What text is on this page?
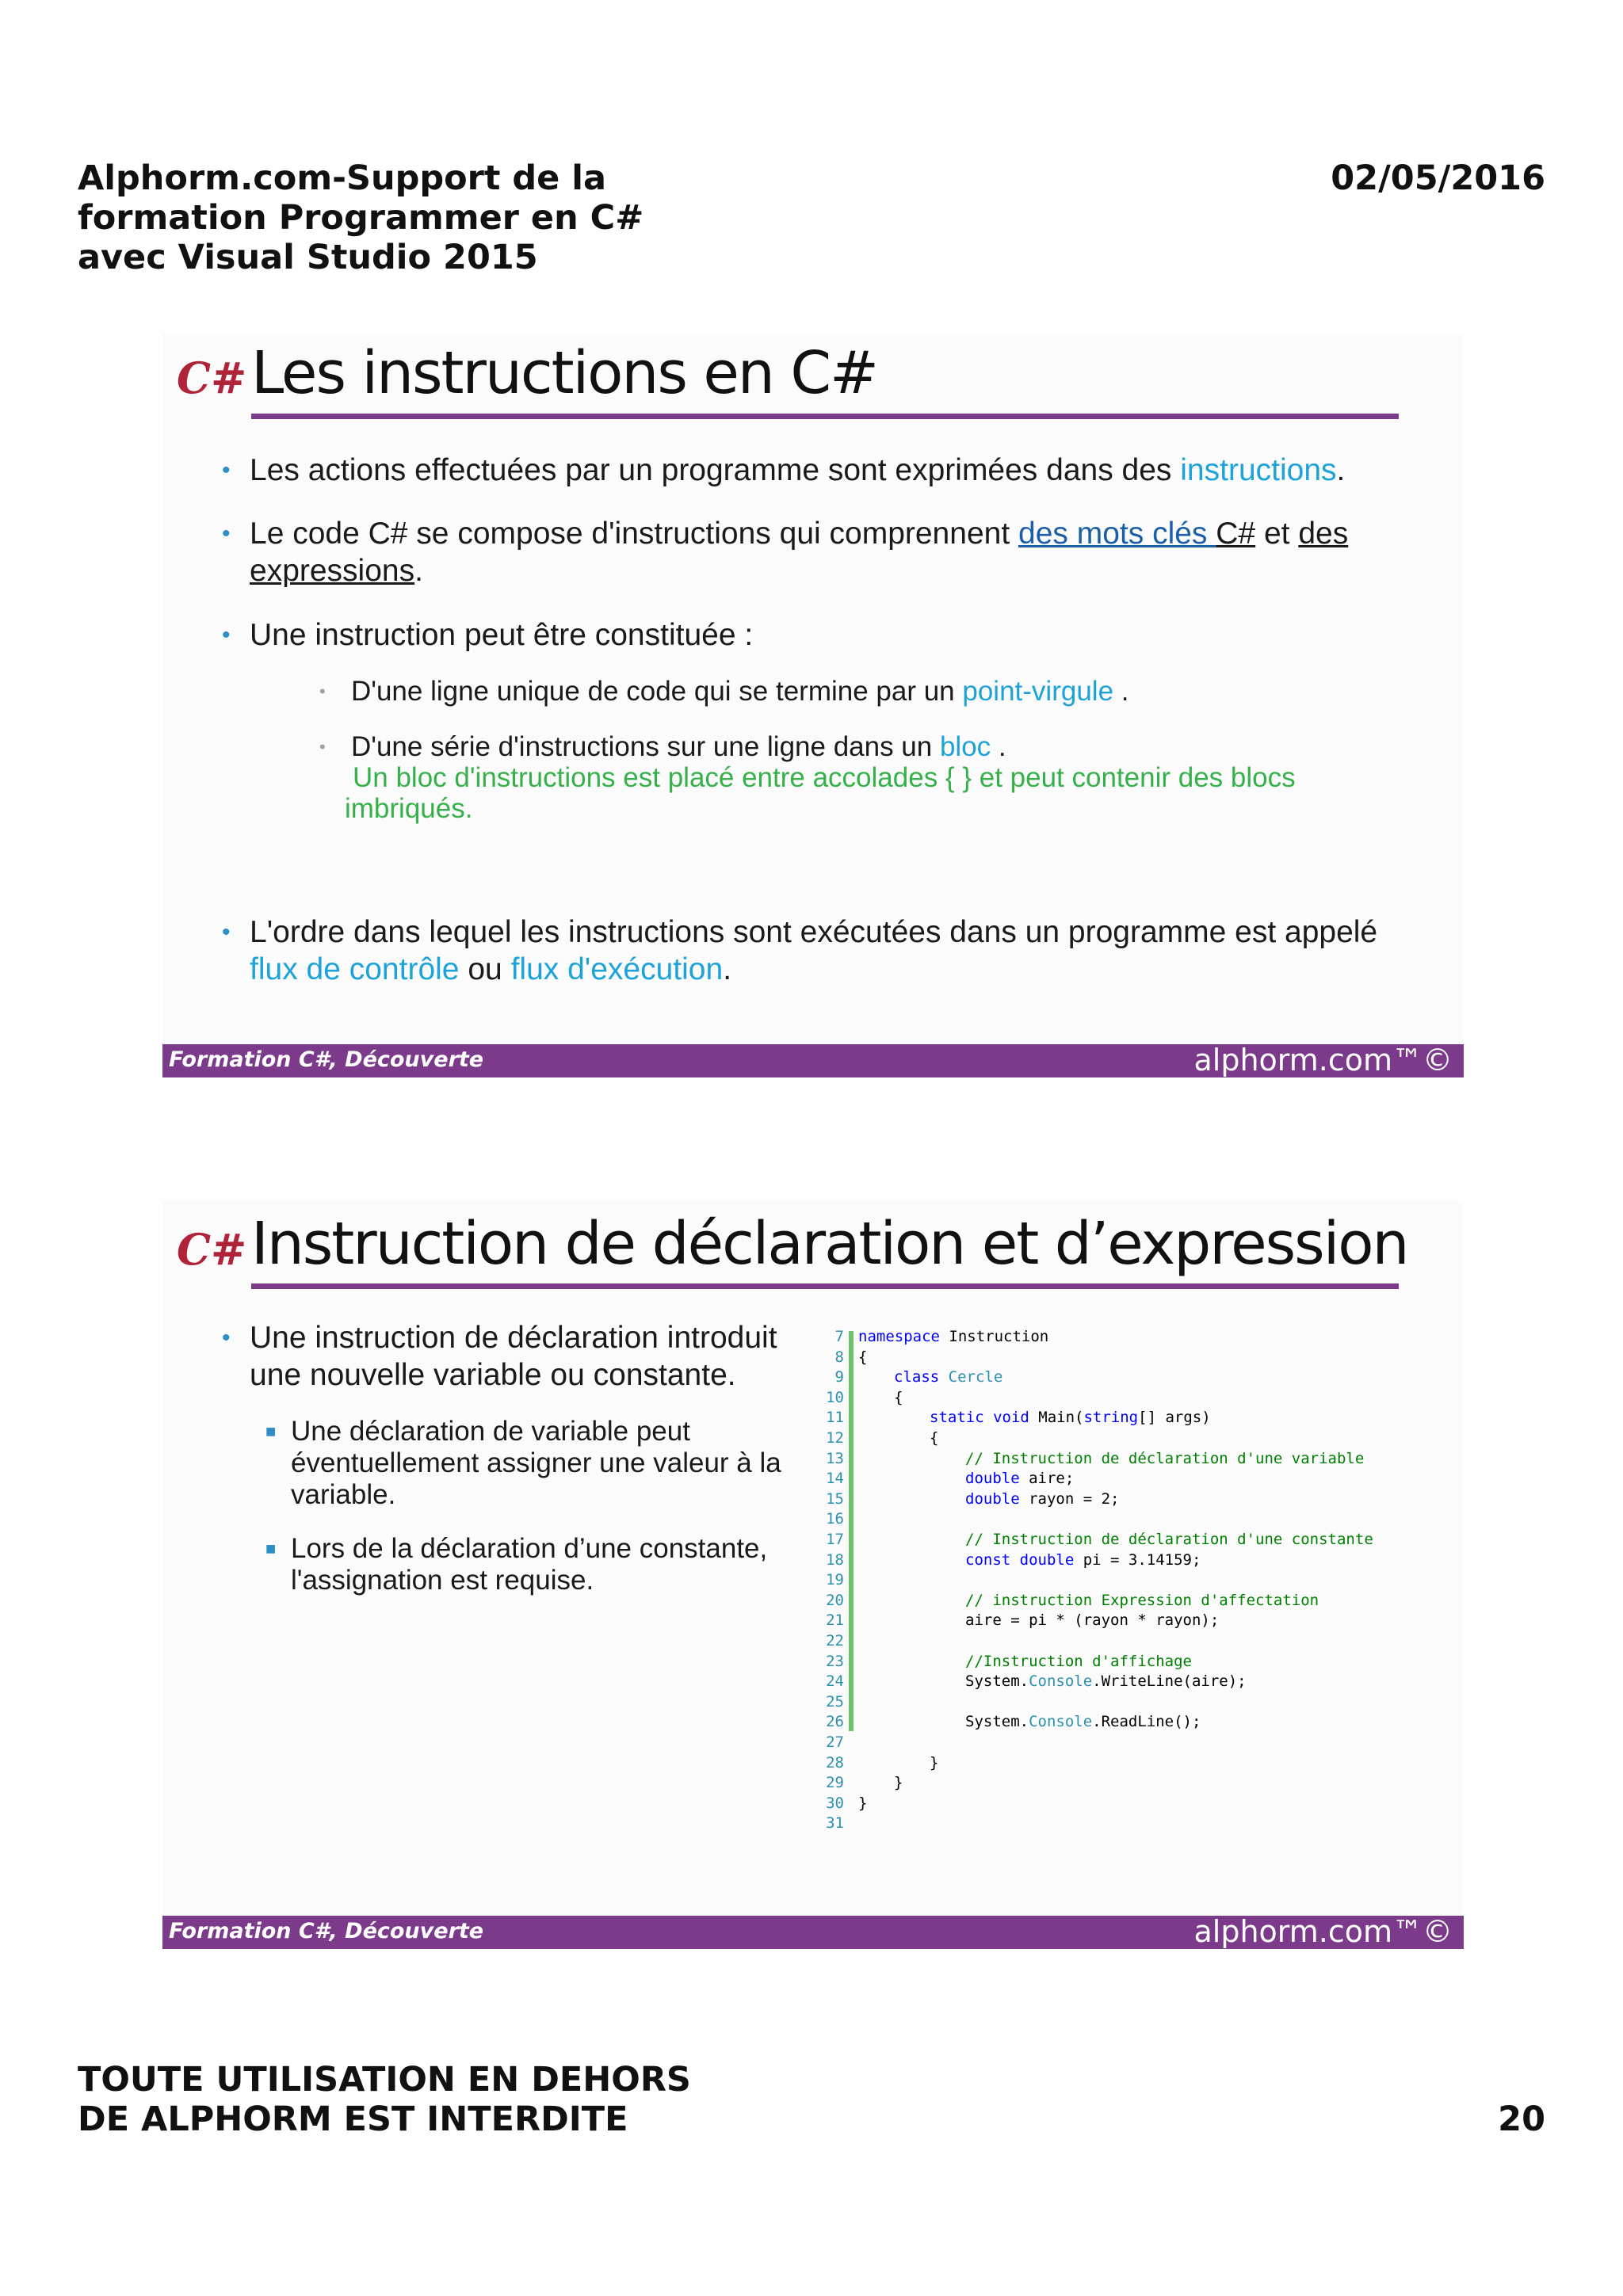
Alphorm.com-Support de la formation Programmer en C# avec Visual Studio 2015
02/05/2016
C# Les instructions en C#
• Les actions effectuées par un programme sont exprimées dans des instructions.
• Le code C# se compose d'instructions qui comprennent des mots clés C# et des
expressions.
• Une instruction peut être constituée :
• D'une ligne unique de code qui se termine par un point-virgule .
• D'une série d'instructions sur une ligne dans un bloc .
Un bloc d'instructions est placé entre accolades { } et peut contenir des blocs
imbriqués.
• L'ordre dans lequel les instructions sont exécutées dans un programme est appelé
flux de contrôle ou flux d'exécution.
Formation C#, Découverte	alphorm.com™©
C# Instruction de déclaration et d’expression
• Une instruction de déclaration introduit
une nouvelle variable ou constante.
■ Une déclaration de variable peut
éventuellement assigner une valeur à la
variable.
■ Lors de la déclaration d’une constante,
l'assignation est requise.
7 namespace Instruction
8 {
9	class Cercle
10	{
11	static void Main(string[] args)
12	{
13	// Instruction de déclaration d'une variable
14	double aire;
15	double rayon = 2;
16
17	// Instruction de déclaration d'une constante
18	const double pi = 3.14159;
19
20	// instruction Expression d'affectation
21	aire = pi * (rayon * rayon);
22
23	//Instruction d'affichage
24	System.Console.WriteLine(aire);
25
26	System.Console.ReadLine();
27
28	}
29	}
30 }
31
Formation C#, Découverte	alphorm.com™©
TOUTE UTILISATION EN DEHORS
DE ALPHORM EST INTERDITE	20
